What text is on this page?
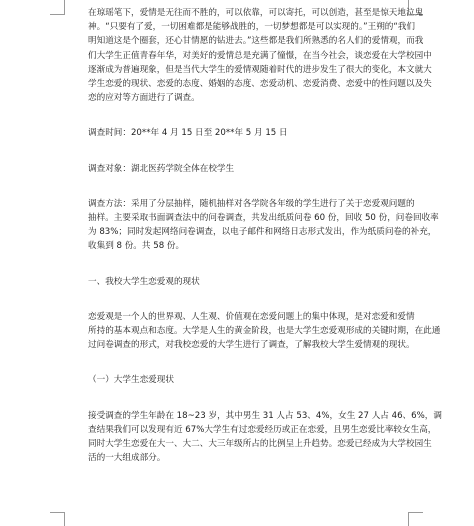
在琼瑶笔下，爱情是无往而不胜的，可以依靠，可以寄托，可以创造，甚至是惊天地泣鬼

神。“只要有了爱，一切困难都是能够战胜的，一切梦想都是可以实现的。”王朔的“我们

明知道这是个圈套，还心甘情愿的钻进去。”这些都是我们所熟悉的名人们的爱情观，而我

们大学生正值青春年华，对美好的爱情总是充满了憧憬，在当今社会，谈恋爱在大学校园中

逐渐成为普遍现象，但是当代大学生的爱情观随着时代的进步发生了很大的变化，本文就大

学生恋爱的现状、恋爱的态度、婚姻的态度、恋爱动机、恋爱消费、恋爱中的性问题以及失

恋的应对等方面进行了调查。

调查时间：20**年 4 月 15 日至 20**年 5 月 15 日

调查对象：湖北医药学院全体在校学生

调查方法：采用了分层抽样，随机抽样对各学院各年级的学生进行了关于恋爱观问题的

抽样。主要采取书面调查法中的问卷调查，共发出纸质问卷 60 份，回收 50 份，问卷回收率

为 83%；同时发起网络问卷调查，以电子邮件和网络日志形式发出，作为纸质问卷的补充，

收集到 8 份。共 58 份。

一、我校大学生恋爱观的现状

恋爱观是一个人的世界观、人生观、价值观在恋爱问题上的集中体现，是对恋爱和爱情

所持的基本观点和态度。大学是人生的黄金阶段，也是大学生恋爱观形成的关键时期，在此通

过问卷调查的形式，对我校恋爱的大学生进行了调查，了解我校大学生爱情观的现状。

（一）大学生恋爱现状

接受调查的学生年龄在 18~23 岁，其中男生 31 人占 53、4%，女生 27 人占 46、6%，调

查结果我们可以发现有近 67%大学生有过恋爱经历或正在恋爱，且男生恋爱比率较女生高，

同时大学生恋爱在大一、大二、大三年级所占的比例呈上升趋势。恋爱已经成为大学校园生

活的一大组成部分。
